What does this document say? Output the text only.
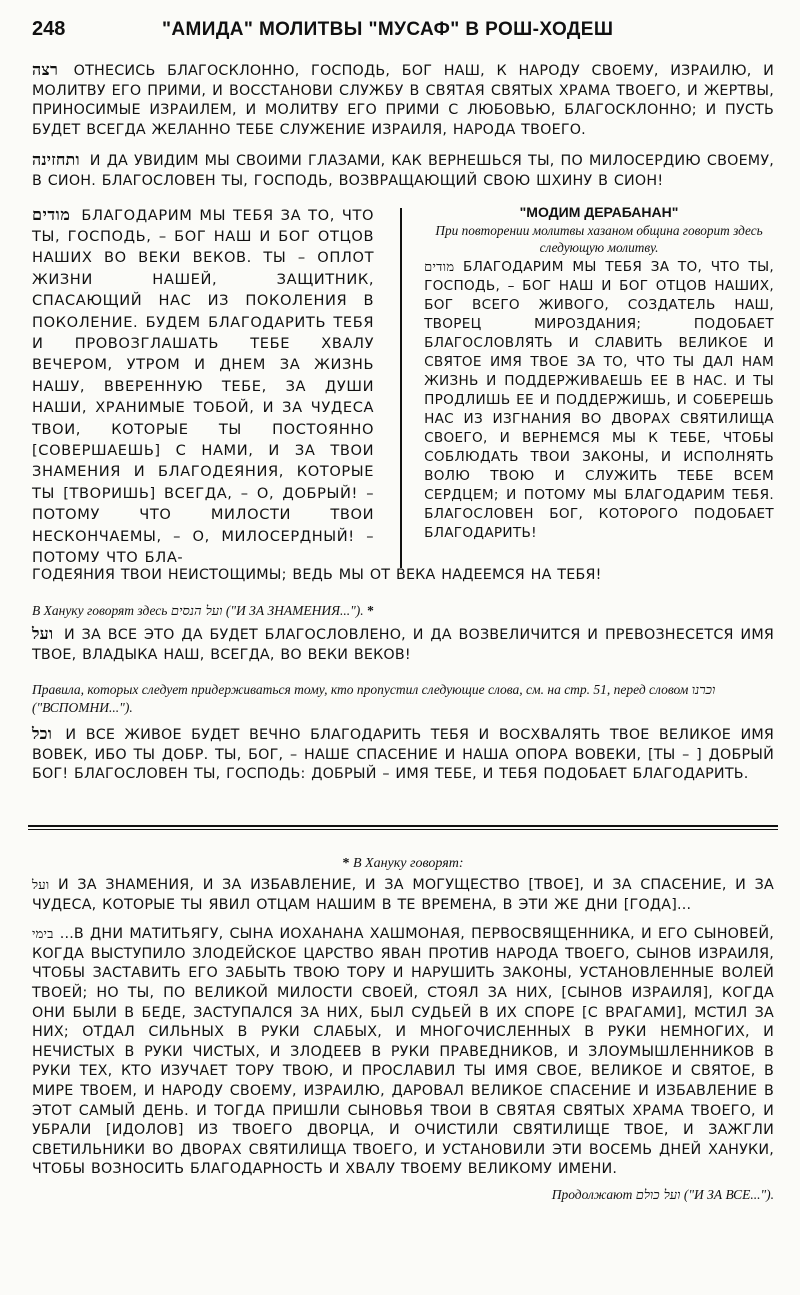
248	"АМИДА" МОЛИТВЫ "МУСАФ" В РОШ-ХОДЕШ

רצה ОТНЕСИСЬ БЛАГОСКЛОННО, ГОСПОДЬ, БОГ НАШ, К НАРОДУ СВОЕМУ, ИЗРАИЛЮ, И МОЛИТВУ ЕГО ПРИМИ, И ВОССТАНОВИ СЛУЖБУ В СВЯТАЯ СВЯТЫХ ХРАМА ТВОЕГО, И ЖЕРТВЫ, ПРИНОСИМЫЕ ИЗРАИЛЕМ, И МОЛИТВУ ЕГО ПРИМИ С ЛЮБОВЬЮ, БЛАГОСКЛОННО; И ПУСТЬ БУДЕТ ВСЕГДА ЖЕЛАННО ТЕБЕ СЛУЖЕНИЕ ИЗРАИЛЯ, НАРОДА ТВОЕГО.

ותחזינה И ДА УВИДИМ МЫ СВОИМИ ГЛАЗАМИ, КАК ВЕРНЕШЬСЯ ТЫ, ПО МИЛОСЕРДИЮ СВОЕМУ, В СИОН. БЛАГОСЛОВЕН ТЫ, ГОСПОДЬ, ВОЗВРАЩАЮЩИЙ СВОЮ ШХИНУ В СИОН!

מודים БЛАГОДАРИМ МЫ ТЕБЯ ЗА ТО, ЧТО ТЫ, ГОСПОДЬ, – БОГ НАШ И БОГ ОТЦОВ НАШИХ ВО ВЕКИ ВЕКОВ. ТЫ – ОПЛОТ ЖИЗНИ НАШЕЙ, ЗАЩИТНИК, СПАСАЮЩИЙ НАС ИЗ ПОКОЛЕНИЯ В ПОКОЛЕНИЕ. БУДЕМ БЛАГОДАРИТЬ ТЕБЯ И ПРОВОЗГЛАШАТЬ ТЕБЕ ХВАЛУ ВЕЧЕРОМ, УТРОМ И ДНЕМ ЗА ЖИЗНЬ НАШУ, ВВЕРЕННУЮ ТЕБЕ, ЗА ДУШИ НАШИ, ХРАНИМЫЕ ТОБОЙ, И ЗА ЧУДЕСА ТВОИ, КОТОРЫЕ ТЫ ПОСТОЯННО [СОВЕРШАЕШЬ] С НАМИ, И ЗА ТВОИ ЗНАМЕНИЯ И БЛАГОДЕЯНИЯ, КОТОРЫЕ ТЫ [ТВОРИШЬ] ВСЕГДА, – О, ДОБРЫЙ! – ПОТОМУ ЧТО МИЛОСТИ ТВОИ НЕСКОНЧАЕМЫ, – О, МИЛОСЕРДНЫЙ! – ПОТОМУ ЧТО БЛА-

"МОДИМ ДЕРАБАНАН"
При повторении молитвы хазаном община говорит здесь следующую молитву.

מודים БЛАГОДАРИМ МЫ ТЕБЯ ЗА ТО, ЧТО ТЫ, ГОСПОДЬ, – БОГ НАШ И БОГ ОТЦОВ НАШИХ, БОГ ВСЕГО ЖИВОГО, СОЗДАТЕЛЬ НАШ, ТВОРЕЦ МИРОЗДАНИЯ; ПОДОБАЕТ БЛАГОСЛОВЛЯТЬ И СЛАВИТЬ ВЕЛИКОЕ И СВЯТОЕ ИМЯ ТВОЕ ЗА ТО, ЧТО ТЫ ДАЛ НАМ ЖИЗНЬ И ПОДДЕРЖИВАЕШЬ ЕЕ В НАС. И ТЫ ПРОДЛИШЬ ЕЕ И ПОДДЕРЖИШЬ, И СОБЕРЕШЬ НАС ИЗ ИЗГНАНИЯ ВО ДВОРАХ СВЯТИЛИЩА СВОЕГО, И ВЕРНЕМСЯ МЫ К ТЕБЕ, ЧТОБЫ СОБЛЮДАТЬ ТВОИ ЗАКОНЫ, И ИСПОЛНЯТЬ ВОЛЮ ТВОЮ И СЛУЖИТЬ ТЕБЕ ВСЕМ СЕРДЦЕМ; И ПОТОМУ МЫ БЛАГОДАРИМ ТЕБЯ. БЛАГОСЛОВЕН БОГ, КОТОРОГО ПОДОБАЕТ БЛАГОДАРИТЬ!

ГОДЕЯНИЯ ТВОИ НЕИСТОЩИМЫ; ВЕДЬ МЫ ОТ ВЕКА НАДЕЕМСЯ НА ТЕБЯ!

В Хануку говорят здесь ועל הנסים ("И ЗА ЗНАМЕНИЯ..."). *

ועל И ЗА ВСЕ ЭТО ДА БУДЕТ БЛАГОСЛОВЛЕНО, И ДА ВОЗВЕЛИЧИТСЯ И ПРЕВОЗНЕСЕТСЯ ИМЯ ТВОЕ, ВЛАДЫКА НАШ, ВСЕГДА, ВО ВЕКИ ВЕКОВ!

Правила, которых следует придерживаться тому, кто пропустил следующие слова, см. на стр. 51, перед словом וכרנו ("ВСПОМНИ...").

וכל И ВСЕ ЖИВОЕ БУДЕТ ВЕЧНО БЛАГОДАРИТЬ ТЕБЯ И ВОСХВАЛЯТЬ ТВОЕ ВЕЛИКОЕ ИМЯ ВОВЕК, ИБО ТЫ ДОБР. ТЫ, БОГ, – НАШЕ СПАСЕНИЕ И НАША ОПОРА ВОВЕКИ, [ТЫ – ] ДОБРЫЙ БОГ! БЛАГОСЛОВЕН ТЫ, ГОСПОДЬ: ДОБРЫЙ – ИМЯ ТЕБЕ, И ТЕБЯ ПОДОБАЕТ БЛАГОДАРИТЬ.

* В Хануку говорят:

ועל И ЗА ЗНАМЕНИЯ, И ЗА ИЗБАВЛЕНИЕ, И ЗА МОГУЩЕСТВО [ТВОЕ], И ЗА СПАСЕНИЕ, И ЗА ЧУДЕСА, КОТОРЫЕ ТЫ ЯВИЛ ОТЦАМ НАШИМ В ТЕ ВРЕМЕНА, В ЭТИ ЖЕ ДНИ [ГОДА]...

בימי ...В ДНИ МАТИТЬЯГУ, СЫНА ИОХАНАНА ХАШМОНАЯ, ПЕРВОСВЯЩЕННИКА, И ЕГО СЫНОВЕЙ, КОГДА ВЫСТУПИЛО ЗЛОДЕЙСКОЕ ЦАРСТВО ЯВАН ПРОТИВ НАРОДА ТВОЕГО, СЫНОВ ИЗРАИЛЯ, ЧТОБЫ ЗАСТАВИТЬ ЕГО ЗАБЫТЬ ТВОЮ ТОРУ И НАРУШИТЬ ЗАКОНЫ, УСТАНОВЛЕННЫЕ ВОЛЕЙ ТВОЕЙ; НО ТЫ, ПО ВЕЛИКОЙ МИЛОСТИ СВОЕЙ, СТОЯЛ ЗА НИХ, [СЫНОВ ИЗРАИЛЯ], КОГДА ОНИ БЫЛИ В БЕДЕ, ЗАСТУПАЛСЯ ЗА НИХ, БЫЛ СУДЬЕЙ В ИХ СПОРЕ [С ВРАГАМИ], МСТИЛ ЗА НИХ; ОТДАЛ СИЛЬНЫХ В РУКИ СЛАБЫХ, И МНОГОЧИСЛЕННЫХ В РУКИ НЕМНОГИХ, И НЕЧИСТЫХ В РУКИ ЧИСТЫХ, И ЗЛОДЕЕВ В РУКИ ПРАВЕДНИКОВ, И ЗЛОУМЫШЛЕННИКОВ В РУКИ ТЕХ, КТО ИЗУЧАЕТ ТОРУ ТВОЮ, И ПРОСЛАВИЛ ТЫ ИМЯ СВОЕ, ВЕЛИКОЕ И СВЯТОЕ, В МИРЕ ТВОЕМ, И НАРОДУ СВОЕМУ, ИЗРАИЛЮ, ДАРОВАЛ ВЕЛИКОЕ СПАСЕНИЕ И ИЗБАВЛЕНИЕ В ЭТОТ САМЫЙ ДЕНЬ. И ТОГДА ПРИШЛИ СЫНОВЬЯ ТВОИ В СВЯТАЯ СВЯТЫХ ХРАМА ТВОЕГО, И УБРАЛИ [ИДОЛОВ] ИЗ ТВОЕГО ДВОРЦА, И ОЧИСТИЛИ СВЯТИЛИЩЕ ТВОЕ, И ЗАЖГЛИ СВЕТИЛЬНИКИ ВО ДВОРАХ СВЯТИЛИЩА ТВОЕГО, И УСТАНОВИЛИ ЭТИ ВОСЕМЬ ДНЕЙ ХАНУКИ, ЧТОБЫ ВОЗНОСИТЬ БЛАГОДАРНОСТЬ И ХВАЛУ ТВОЕМУ ВЕЛИКОМУ ИМЕНИ.

Продолжают ועל כולם ("И ЗА ВСЕ...").
